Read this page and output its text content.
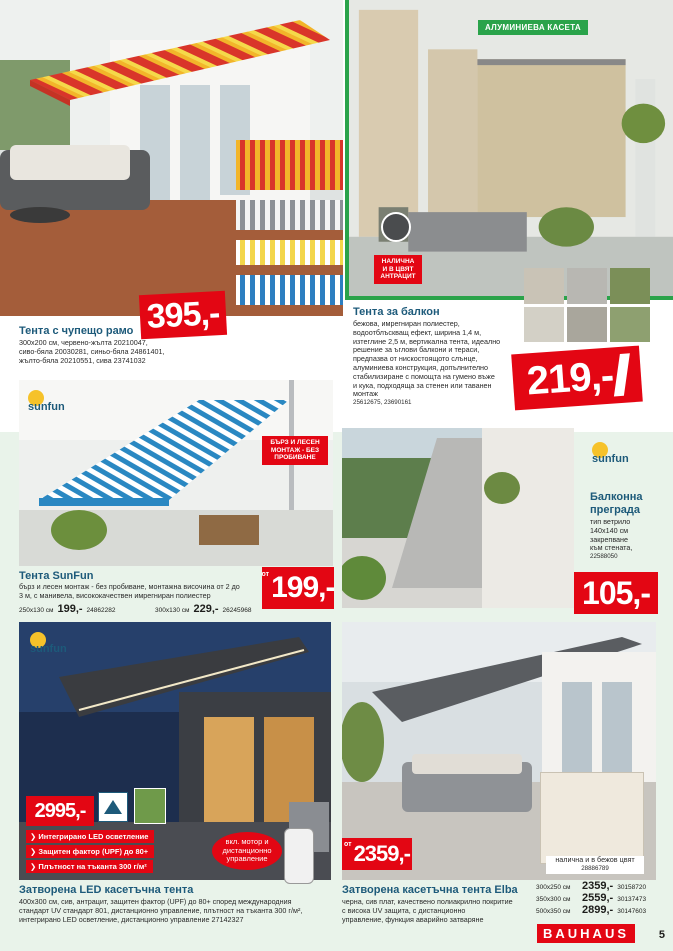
395,-
Тента с чупещо рамо
300x200 см, червено-жълта 20210047,
сиво-бяла 20030281, синьо-бяла 24861401,
жълто-бяла 20210551, сива 23741032
АЛУМИНИЕВА КАСЕТА
НАЛИЧНА
И В ЦВЯТ
АНТРАЦИТ
Тента за балкон
бежова, имрегниран полиестер,
водоотблъскващ ефект, ширина 1,4 м,
изтеглине 2,5 м, вертикална тента, идеално
решение за ъглови балкони и тераси,
предпазва от нискостоящото слънце,
алуминиева конструкция, допълнително
стабилизиране с помощта на гумено въже
и кука, подходяща за стенен или таванен
монтаж
25612675, 23690161	219,-
sunfun
БЪРЗ И ЛЕСЕН
МОНТАЖ - БЕЗ
ПРОБИВАНЕ
Тента SunFun
бърз и лесен монтаж - без пробиване, монтажна височина от 2 до
3 м, с манивела, висококачествен имрегниран полиестер
250x130 см 199,- 24862282	300x130 см 229,- 26245968
от 199,-
sunfun
Балконна
преграда
тип ветрило
140x140 см
закрепване
към стената,
22588050
105,-
sunfun
2995,-
❯ Интегрирано LED осветление
❯ Защитен фактор (UPF) до 80+
❯ Плътност на тъканта 300 г/м²
вкл. мотор и
дистанционно
управление
Затворена LED касетъчна тента
400x300 см, сив, антрацит, защитен фактор (UPF) до 80+ според международния
стандарт UV стандарт 801, дистанционно управление, плътност на тъканта 300 г/м²,
интегрирано LED осветление, дистанционно управление 27142327
налична и в бежов цвят
28886789
от 2359,-
Затворена касетъчна тента Elba
черна, сив плат, качествено полиакрилно покритие
с висока UV защита, с дистанционно
управление, функция аварийно затваряне
300x250 см	2359,- 30158720
350x300 см	2559,- 30137473
500x350 см	2899,- 30147603
BAUHAUS	5
